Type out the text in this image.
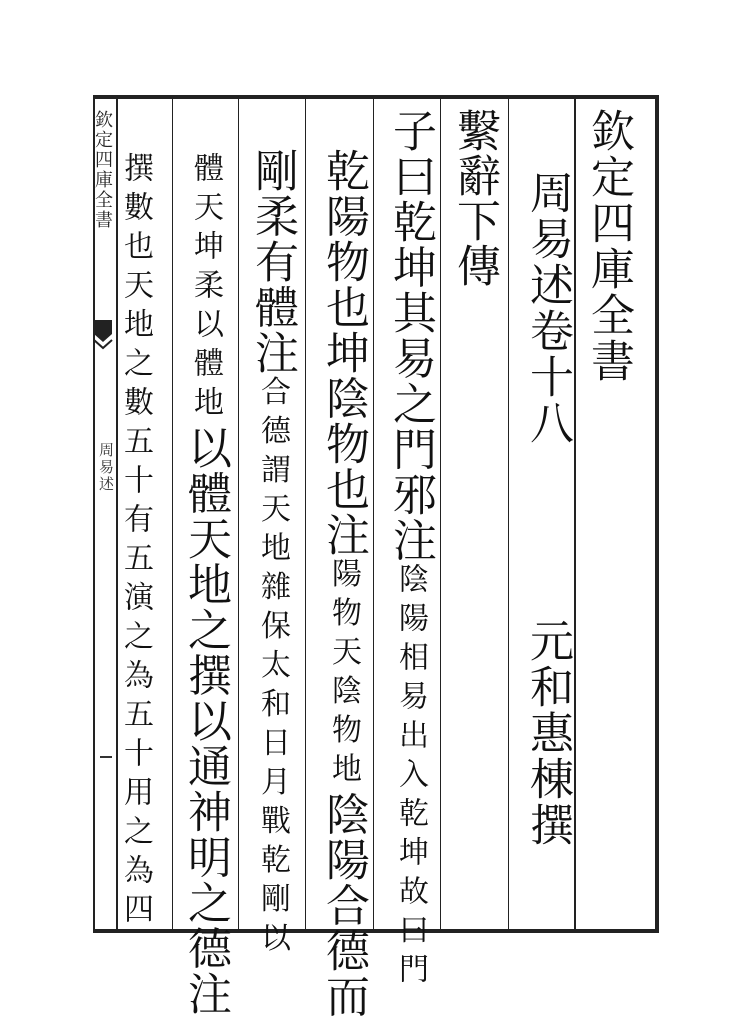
欽定四庫全書
周易述
欽定四庫全書
周易述卷十八
元和惠棟撰
繫辭下傳
子曰乾坤其易之門邪注陰陽相易出入乾坤故曰門
乾陽物也坤陰物也注陽物天陰物地陰陽合德而
剛柔有體注合德謂天地雜保太和日月戰乾剛以
體天坤柔以體地以體天地之撰以通神明之德注
撰數也天地之數五十有五演之為五十用之為四
